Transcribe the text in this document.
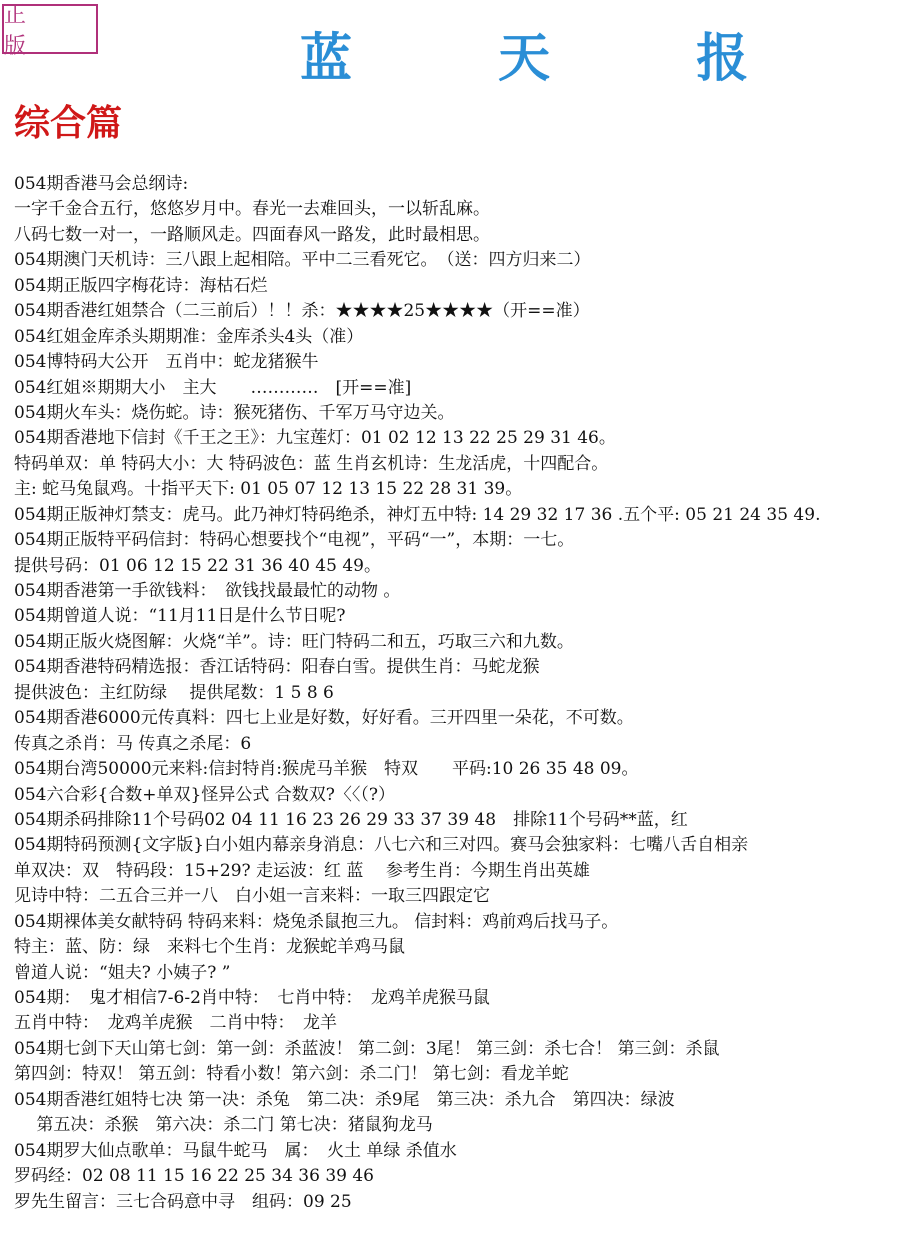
正 版	蓝 天 报
综合篇
054期香港马会总纲诗:
一字千金合五行，悠悠岁月中。春光一去难回头，一以斩乱麻。
八码七数一对一，一路顺风走。四面春风一路发，此时最相思。
054期澳门天机诗：三八跟上起相陪。平中二三看死它。　（送：四方归来二）
054期正版四字梅花诗：海枯石烂
054期香港红姐禁合（二三前后）！！杀：★★★★25★★★★（开==准）
054红姐金库杀头期期准：金库杀头4头（准）
054博特码大公开　五肖中：蛇龙猪猴牛
054红姐※期期大小　主大　　…………　[开==准]
054期火车头：烧伤蛇。诗：猴死猪伤、千军万马守边关。
054期香港地下信封《千王之王》：九宝莲灯：01 02 12 13 22 25 29 31 46。
特码单双：单 特码大小：大 特码波色：蓝 生肖玄机诗：生龙活虎，十四配合。
主: 蛇马兔鼠鸡。十指平天下: 01 05 07 12 13 15 22 28 31 39。
054期正版神灯禁支：虎马。此乃神灯特码绝杀，神灯五中特: 14 29 32 17 36 .五个平: 05 21 24 35 49.
054期正版特平码信封：特码心想要找个“电视”，平码“一”，本期：一七。
提供号码：01 06 12 15 22 31 36 40 45 49。
054期香港第一手欲钱料：　欲钱找最最忙的动物 。
054期曾道人说：“11月11日是什么节日呢?
054期正版火烧图解：火烧“羊”。诗：旺门特码二和五，巧取三六和九数。
054期香港特码精选报：香江话特码：阳春白雪。提供生肖：马蛇龙猴
提供波色：主红防绿　 提供尾数：1 5 8 6
054期香港6000元传真料：四七上业是好数，好好看。三开四里一朵花，不可数。
传真之杀肖：马 传真之杀尾：6
054期台湾50000元来料:信封特肖:猴虎马羊猴　特双　　平码:10 26 35 48 09。
054六合彩{合数+单双}怪异公式 合数双?〈〈（?）
054期杀码排除11个号码02 04 11 16 23 26 29 33 37 39 48　排除11个号码**蓝，红
054期特码预测{文字版}白小姐内幕亲身消息：八七六和三对四。赛马会独家料：七嘴八舌自相亲
单双决：双　特码段：15+29? 走运波：红 蓝　 参考生肖：今期生肖出英雄
见诗中特：二五合三并一八　白小姐一言来料：一取三四跟定它
054期裸体美女献特码 特码来料：烧兔杀鼠抱三九。 信封料：鸡前鸡后找马子。
特主：蓝、防：绿　来料七个生肖：龙猴蛇羊鸡马鼠
曾道人说：“姐夫? 小姨子? ”
054期：　鬼才相信7-6-2肖中特：　七肖中特：　龙鸡羊虎猴马鼠
五肖中特：　龙鸡羊虎猴　二肖中特：　龙羊
054期七剑下天山第七剑：第一剑：杀蓝波！ 第二剑：3尾！ 第三剑：杀七合！ 第三剑：杀鼠
第四剑：特双！ 第五剑：特看小数！第六剑：杀二门！ 第七剑：看龙羊蛇
054期香港红姐特七决 第一决：杀兔　第二决：杀9尾　第三决：杀九合　第四决：绿波
　 第五决：杀猴　第六决：杀二门 第七决：猪鼠狗龙马
054期罗大仙点歌单：马鼠牛蛇马　属：　火土 单绿 杀值水
罗码经：02 08 11 15 16 22 25 34 36 39 46
罗先生留言：三七合码意中寻　组码：09 25
